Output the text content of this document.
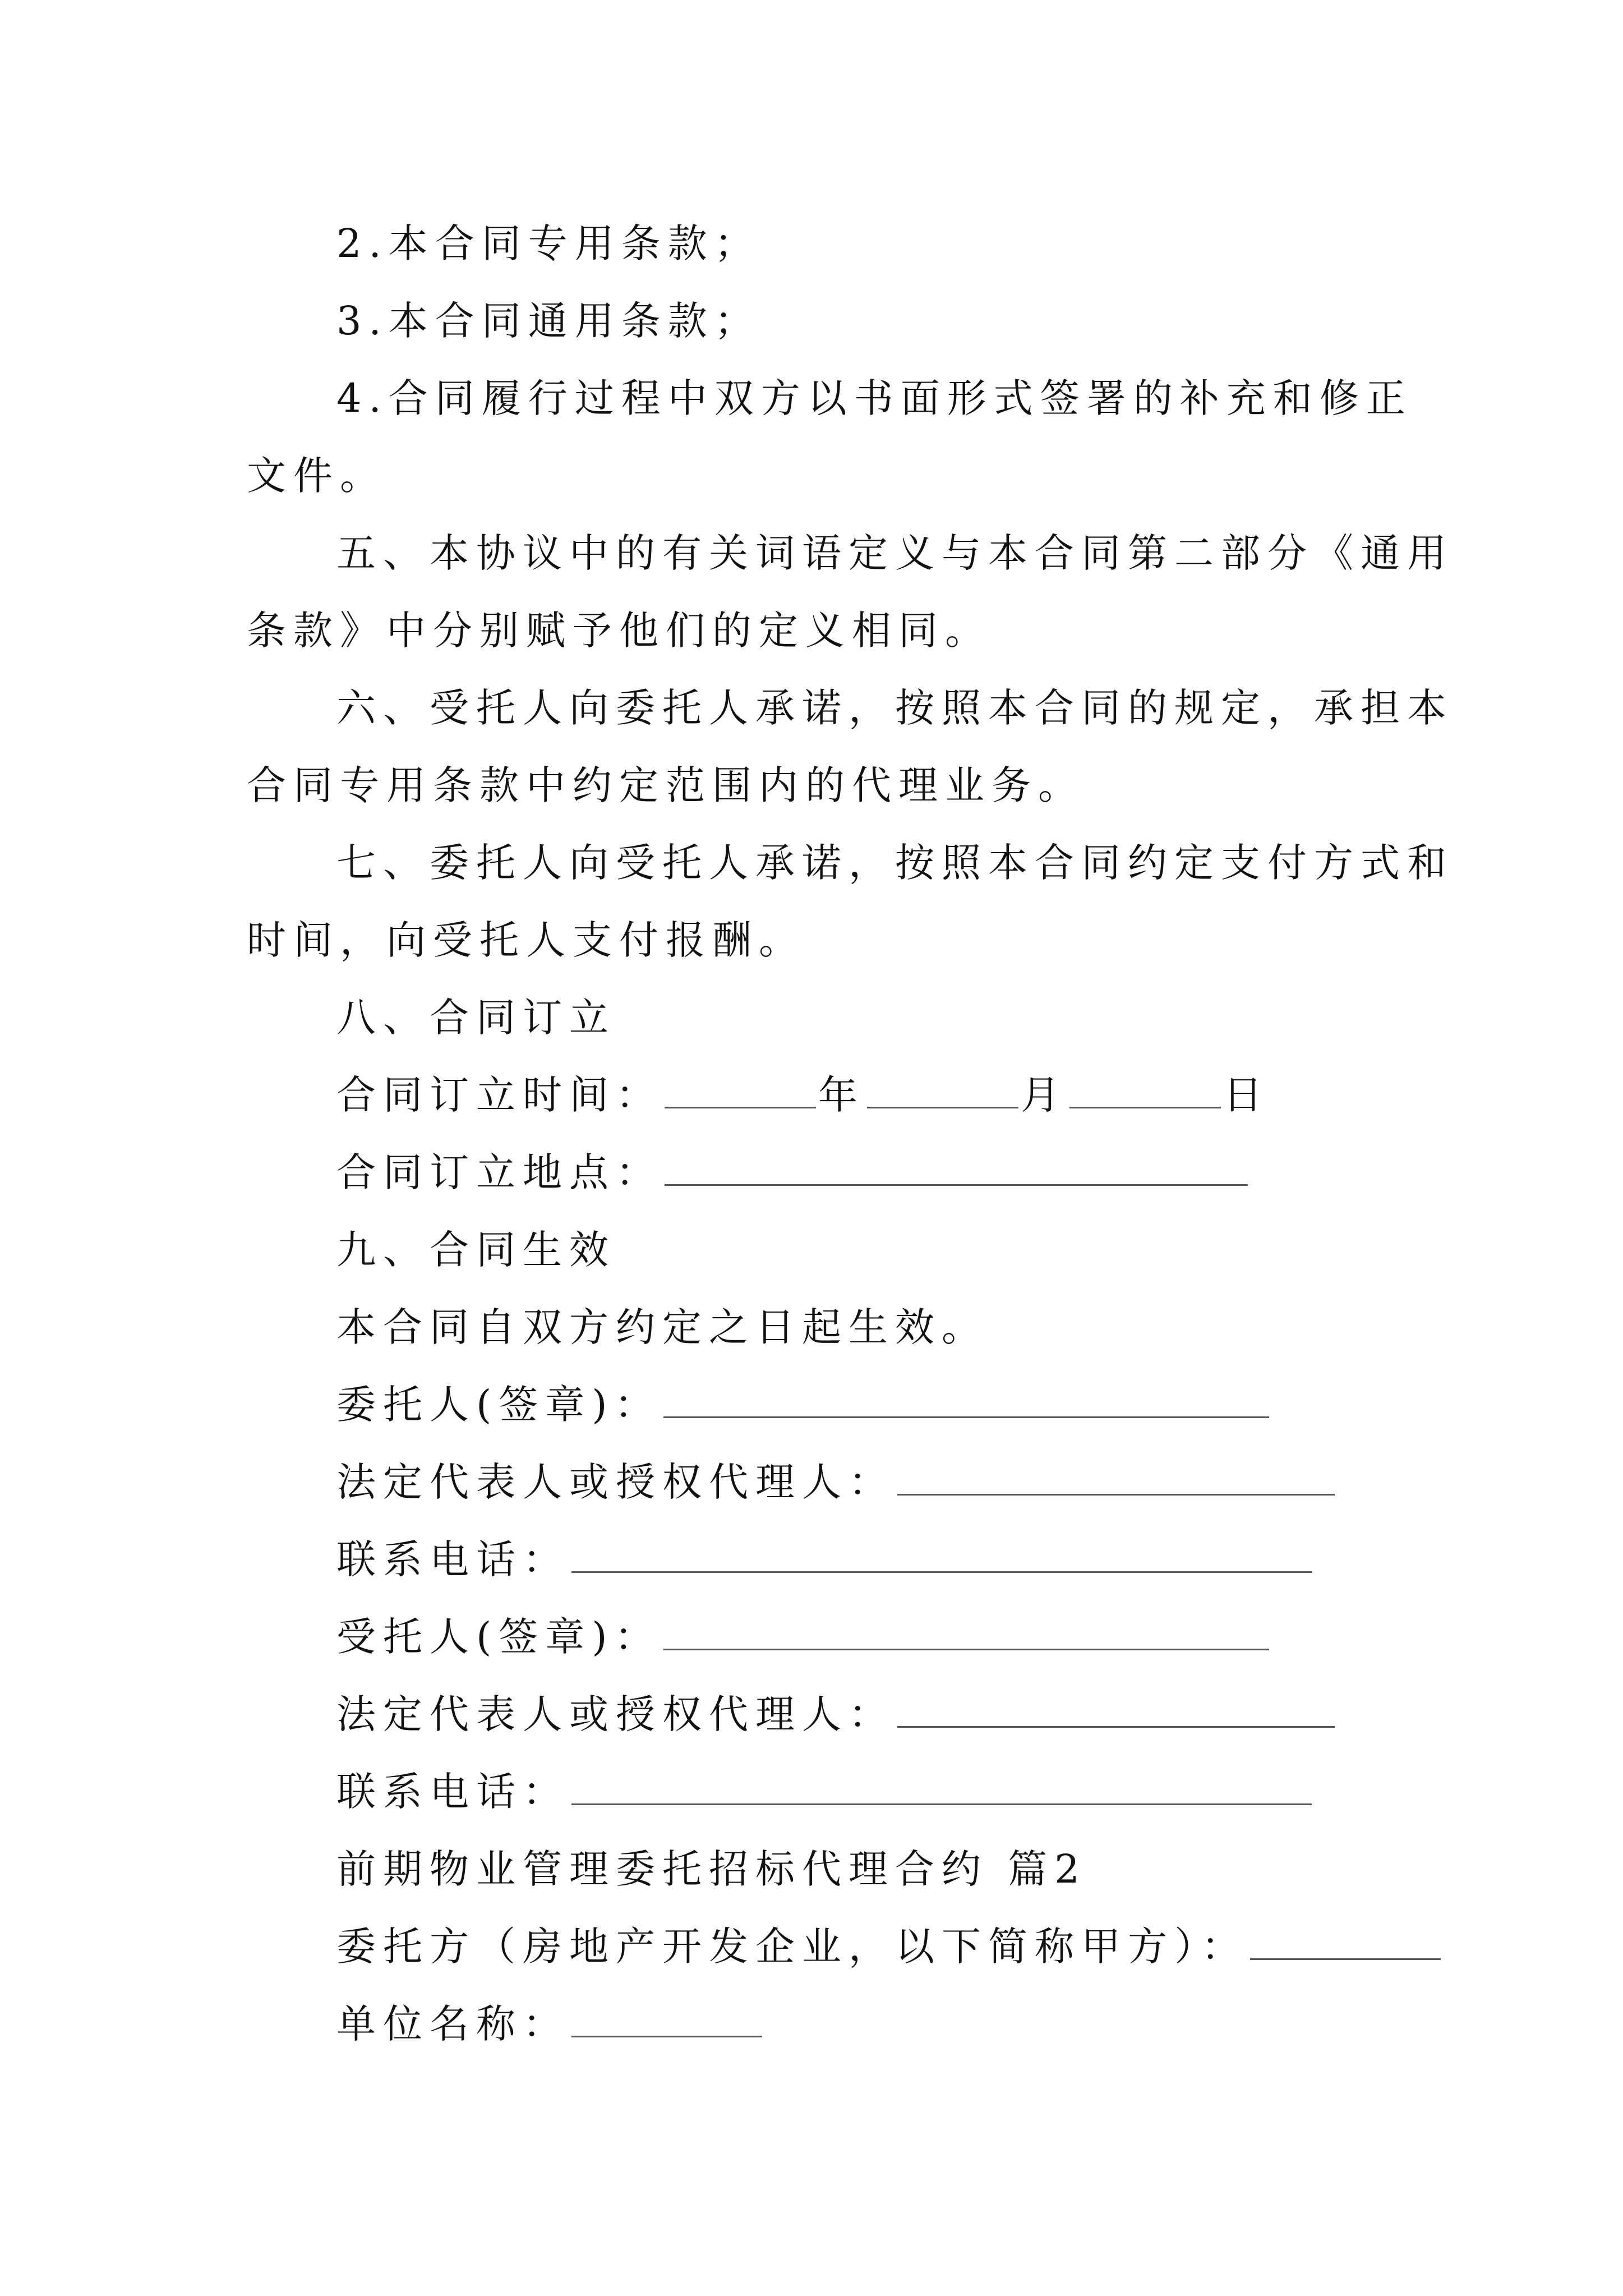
2.本合同专用条款；
3.本合同通用条款；
4.合同履行过程中双方以书面形式签署的补充和修正
文件。
五、本协议中的有关词语定义与本合同第二部分《通用
条款》中分别赋予他们的定义相同。
六、受托人向委托人承诺，按照本合同的规定，承担本
合同专用条款中约定范围内的代理业务。
七、委托人向受托人承诺，按照本合同约定支付方式和
时间，向受托人支付报酬。
八、合同订立
合同订立时间：	年	月	日
合同订立地点：
九、合同生效
本合同自双方约定之日起生效。
委托人(签章)：
法定代表人或授权代理人：
联系电话：
受托人(签章)：
法定代表人或授权代理人：
联系电话：
前期物业管理委托招标代理合约 篇2
委托方（房地产开发企业，以下简称甲方）：
单位名称：
